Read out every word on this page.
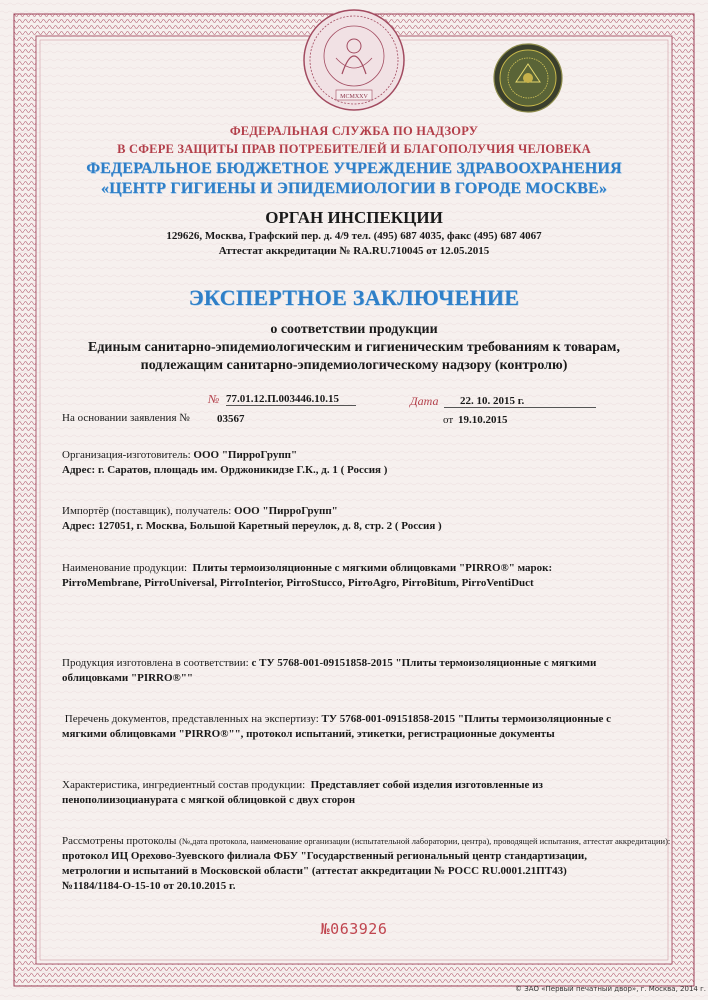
MCMXXV
ФЕДЕРАЛЬНАЯ СЛУЖБА ПО НАДЗОРУ
В СФЕРЕ ЗАЩИТЫ ПРАВ ПОТРЕБИТЕЛЕЙ И БЛАГОПОЛУЧИЯ ЧЕЛОВЕКА
ФЕДЕРАЛЬНОЕ БЮДЖЕТНОЕ УЧРЕЖДЕНИЕ ЗДРАВООХРАНЕНИЯ
«ЦЕНТР ГИГИЕНЫ И ЭПИДЕМИОЛОГИИ В ГОРОДЕ МОСКВЕ»
ОРГАН ИНСПЕКЦИИ
129626, Москва, Графский пер. д. 4/9 тел. (495) 687 4035, факс (495) 687 4067
Аттестат аккредитации № RA.RU.710045 от 12.05.2015
ЭКСПЕРТНОЕ ЗАКЛЮЧЕНИЕ
о соответствии продукции
Единым санитарно-эпидемиологическим и гигиеническим требованиям к товарам,
подлежащим санитарно-эпидемиологическому надзору (контролю)
№ 77.01.12.П.003446.10.15	Дата	22. 10. 2015 г.
На основании заявления № 03567	от 19.10.2015
Организация-изготовитель: ООО "ПирроГрупп"
Адрес: г. Саратов, площадь им. Орджоникидзе Г.К., д. 1 ( Россия )
Импортёр (поставщик), получатель: ООО "ПирроГрупп"
Адрес: 127051, г. Москва, Большой Каретный переулок, д. 8, стр. 2 ( Россия )
Наименование продукции: Плиты термоизоляционные с мягкими облицовками "PIRRO®" марок:
PirroMembrane, PirroUniversal, PirroInterior, PirroStucco, PirroAgro, PirroBitum, PirroVentiDuct
Продукция изготовлена в соответствии: с ТУ 5768-001-09151858-2015 "Плиты термоизоляционные с мягкими
облицовками "PIRRO®""
Перечень документов, представленных на экспертизу: ТУ 5768-001-09151858-2015 "Плиты термоизоляционные с
мягкими облицовками "PIRRO®"", протокол испытаний, этикетки, регистрационные документы
Характеристика, ингредиентный состав продукции: Представляет собой изделия изготовленные из
пенополиизоцианурата с мягкой облицовкой с двух сторон
Рассмотрены протоколы (№,дата протокола, наименование организации (испытательной лаборатории, центра), проводящей испытания, аттестат аккредитации):
протокол ИЦ Орехово-Зуевского филиала ФБУ "Государственный региональный центр стандартизации,
метрологии и испытаний в Московской области" (аттестат аккредитации № РОСС RU.0001.21ПТ43)
№1184/1184-О-15-10 от 20.10.2015 г.
№063926
© ЗАО «Первый печатный двор», г. Москва, 2014 г.
